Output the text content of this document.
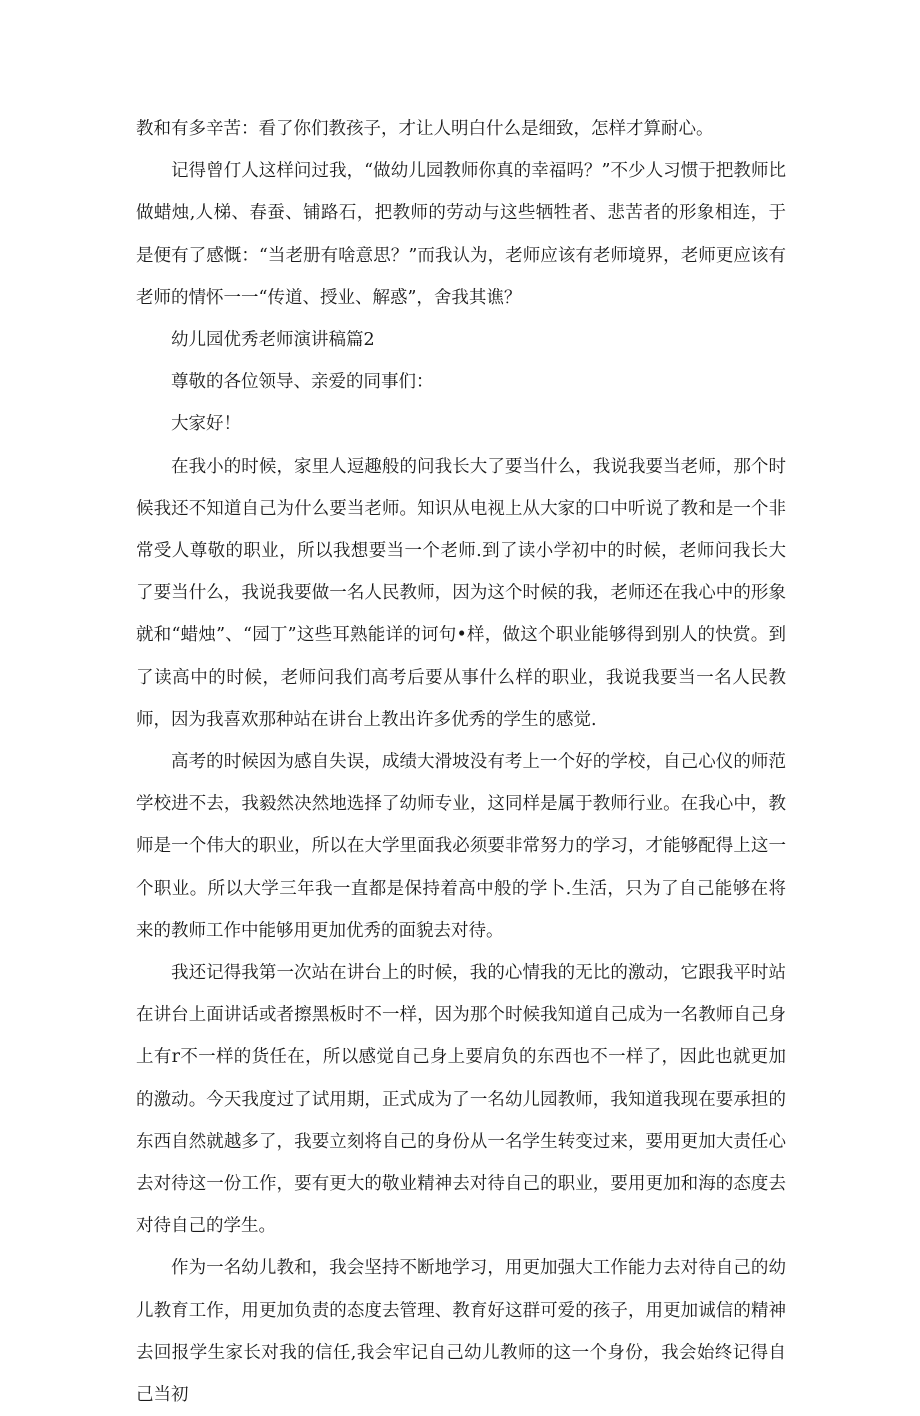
教和有多辛苦：看了你们教孩子，才让人明白什么是细致，怎样才算耐心。

记得曾仃人这样问过我，“做幼儿园教师你真的幸福吗？”不少人习惯于把教师比做蜡烛,人梯、春蚕、铺路石，把教师的劳动与这些牺牲者、悲苦者的形象相连，于是便有了感慨：“当老册有啥意思？”而我认为，老师应该有老师境界，老师更应该有老师的情怀一一“传道、授业、解惑”，舍我其谯？

幼儿园优秀老师演讲稿篇2

尊敬的各位领导、亲爱的同事们：

大家好！

在我小的时候，家里人逗趣般的问我长大了要当什么，我说我要当老师，那个时候我还不知道自己为什么要当老师。知识从电视上从大家的口中听说了教和是一个非常受人尊敬的职业，所以我想要当一个老师.到了读小学初中的时候，老师问我长大了要当什么，我说我要做一名人民教师，因为这个时候的我，老师还在我心中的形象就和“蜡烛”、“园丁”这些耳熟能详的诃句•样，做这个职业能够得到别人的快赏。到了读高中的时候，老师问我们高考后要从事什么样的职业，我说我要当一名人民教师，因为我喜欢那种站在讲台上教出许多优秀的学生的感觉.

高考的时候因为感自失误，成绩大滑坡没有考上一个好的学校，自己心仪的师范学校进不去，我毅然决然地选择了幼师专业，这同样是属于教师行业。在我心中，教师是一个伟大的职业，所以在大学里面我必须要非常努力的学习，才能够配得上这一个职业。所以大学三年我一直都是保持着高中般的学卜.生活，只为了自己能够在将来的教师工作中能够用更加优秀的面貌去对待。

我还记得我第一次站在讲台上的时候，我的心情我的无比的激动，它跟我平时站在讲台上面讲话或者擦黑板时不一样，因为那个时候我知道自己成为一名教师自己身上有r不一样的货任在，所以感觉自己身上要肩负的东西也不一样了，因此也就更加的激动。今天我度过了试用期，正式成为了一名幼儿园教师，我知道我现在要承担的东西自然就越多了，我要立刻将自己的身份从一名学生转变过来，要用更加大责任心去对待这一份工作，要有更大的敬业精神去对待自己的职业，要用更加和海的态度去对待自己的学生。

作为一名幼儿教和，我会坚持不断地学习，用更加强大工作能力去对待自己的幼儿教育工作，用更加负责的态度去管理、教育好这群可爱的孩子，用更加诚信的精神去回报学生家长对我的信任,我会牢记自己幼儿教师的这一个身份，我会始终记得自己当初
